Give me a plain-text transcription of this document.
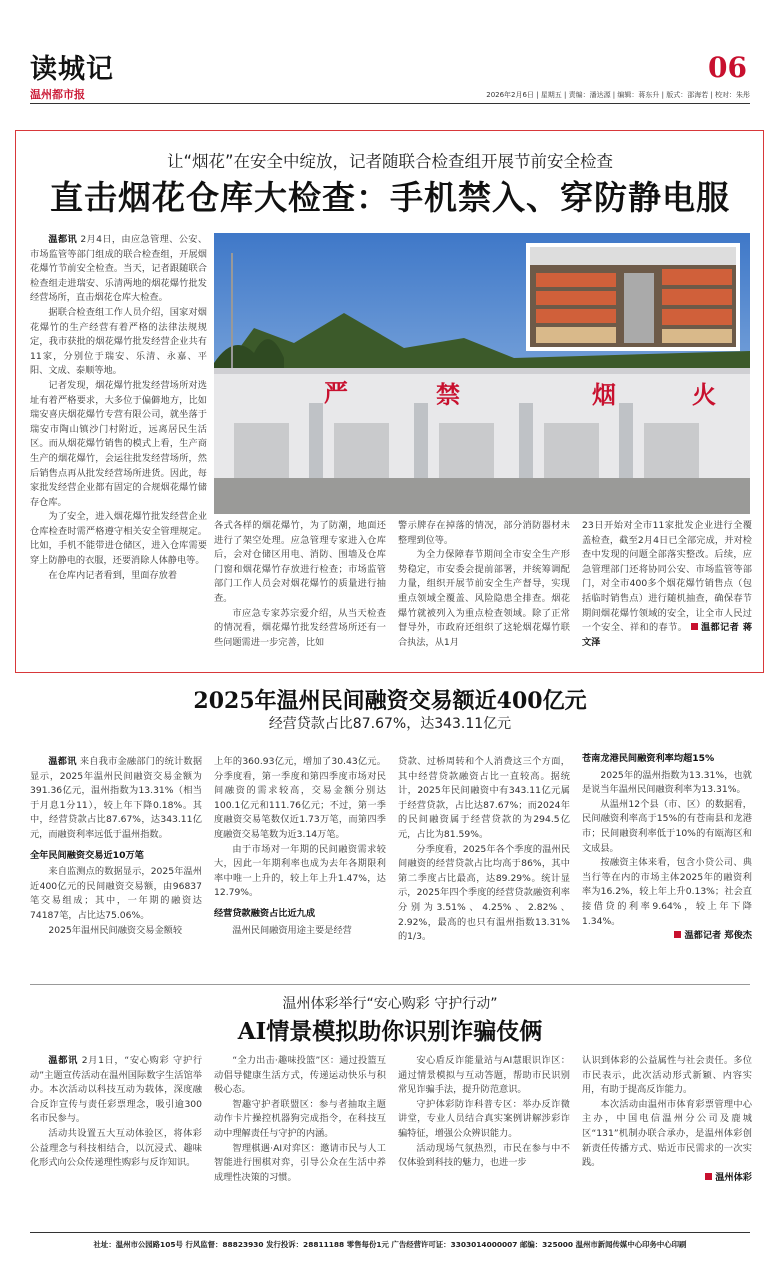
读城记
温州都市报
06
2026年2月6日 | 星期五 | 责编：潘达源 | 编辑：蒋东升 | 版式：邵海若 | 校对：朱彤
让“烟花”在安全中绽放，记者随联合检查组开展节前安全检查
直击烟花仓库大检查：手机禁入、穿防静电服

温都讯 2月4日，由应急管理、公安、市场监管等部门组成的联合检查组，开展烟花爆竹节前安全检查。当天，记者跟随联合检查组走进瑞安、乐清两地的烟花爆竹批发经营场所，直击烟花仓库大检查。

据联合检查组工作人员介绍，国家对烟花爆竹的生产经营有着严格的法律法规规定，我市获批的烟花爆竹批发经营企业共有11家，分别位于瑞安、乐清、永嘉、平阳、文成、泰顺等地。

记者发现，烟花爆竹批发经营场所对选址有着严格要求，大多位于偏僻地方，比如瑞安喜庆烟花爆竹专营有限公司，就坐落于瑞安市陶山镇沙门村附近，远离居民生活区。而从烟花爆竹销售的模式上看，生产商生产的烟花爆竹，会运往批发经营场所，然后销售点再从批发经营场所进货。因此，每家批发经营企业都有固定的合规烟花爆竹储存仓库。

为了安全，进入烟花爆竹批发经营企业仓库检查时需严格遵守相关安全管理规定。比如，手机不能带进仓储区，进入仓库需要穿上防静电的衣服，还要消除人体静电等。

在仓库内记者看到，里面存放着

严	禁	烟	火

各式各样的烟花爆竹，为了防潮，地面还进行了架空处理。应急管理专家进入仓库后，会对仓储区用电、消防、围墙及仓库门窗和烟花爆竹存放进行检查；市场监管部门工作人员会对烟花爆竹的质量进行抽查。

市应急专家苏宗爱介绍，从当天检查的情况看，烟花爆竹批发经营场所还有一些问题需进一步完善，比如

警示牌存在掉落的情况，部分消防器材未整理到位等。

为全力保障春节期间全市安全生产形势稳定，市安委会提前部署，并统筹调配力量，组织开展节前安全生产督导，实现重点领域全覆盖、风险隐患全排查。烟花爆竹就被列入为重点检查领域。除了正常督导外，市政府还组织了这轮烟花爆竹联合执法，从1月

23日开始对全市11家批发企业进行全覆盖检查，截至2月4日已全部完成，并对检查中发现的问题全部落实整改。后续，应急管理部门还将协同公安、市场监管等部门，对全市400多个烟花爆竹销售点（包括临时销售点）进行随机抽查，确保春节期间烟花爆竹领域的安全，让全市人民过一个安全、祥和的春节。 温都记者 蒋文泽

2025年温州民间融资交易额近400亿元
经营贷款占比87.67%，达343.11亿元

温都讯 来自我市金融部门的统计数据显示，2025年温州民间融资交易金额为391.36亿元，温州指数为13.31%（相当于月息1分11），较上年下降0.18%。其中，经营贷款占比87.67%，达343.11亿元，而融资利率远低于温州指数。

全年民间融资交易近10万笔

来自监测点的数据显示，2025年温州近400亿元的民间融资交易额，由96837笔交易组成；其中，一年期的融资达74187笔，占比达75.06%。

2025年温州民间融资交易金额较

上年的360.93亿元，增加了30.43亿元。分季度看，第一季度和第四季度市场对民间融资的需求较高，交易金额分别达100.1亿元和111.76亿元；不过，第一季度融资交易笔数仅近1.73万笔，而第四季度融资交易笔数为近3.14万笔。

由于市场对一年期的民间融资需求较大，因此一年期利率也成为去年各期限利率中唯一上升的，较上年上升1.47%，达12.79%。

经营贷款融资占比近九成

温州民间融资用途主要是经营

贷款、过桥周转和个人消费这三个方面，其中经营贷款融资占比一直较高。据统计，2025年民间融资中有343.11亿元属于经营贷款，占比达87.67%；而2024年的民间融资属于经营贷款的为294.5亿元，占比为81.59%。

分季度看，2025年各个季度的温州民间融资的经营贷款占比均高于86%，其中第二季度占比最高，达89.29%。统计显示，2025年四个季度的经营贷款融资利率分别为3.51%、4.25%、2.82%、2.92%，最高的也只有温州指数13.31%的1/3。

苍南龙港民间融资利率均超15%

2025年的温州指数为13.31%，也就是说当年温州民间融资利率为13.31%。

从温州12个县（市、区）的数据看，民间融资利率高于15%的有苍南县和龙港市；民间融资利率低于10%的有瓯海区和文成县。

按融资主体来看，包含小贷公司、典当行等在内的市场主体2025年的融资利率为16.2%，较上年上升0.13%；社会直接借贷的利率9.64%，较上年下降1.34%。

温都记者 郑俊杰

温州体彩举行“安心购彩 守护行动”
AI情景模拟助你识别诈骗伎俩

温都讯 2月1日，“安心购彩 守护行动”主题宣传活动在温州国际数字生活馆举办。本次活动以科技互动为载体，深度融合反诈宣传与责任彩票理念，吸引逾300名市民参与。

活动共设置五大互动体验区，将体彩公益理念与科技相结合，以沉浸式、趣味化形式向公众传递理性购彩与反诈知识。

“全力出击·趣味投篮”区：通过投篮互动倡导健康生活方式，传递运动快乐与积极心态。

智趣守护者联盟区：参与者抽取主题动作卡片操控机器狗完成指令，在科技互动中理解责任与守护的内涵。

智理棋遇·AI对弈区：邀请市民与人工智能进行围棋对弈，引导公众在生活中养成理性决策的习惯。

安心盾反诈能量站与AI慧眼识诈区：通过情景模拟与互动答题，帮助市民识别常见诈骗手法，提升防范意识。

守护体彩防诈科普专区：举办反诈微讲堂，专业人员结合真实案例讲解涉彩诈骗特征，增强公众辨识能力。

活动现场气氛热烈，市民在参与中不仅体验到科技的魅力，也进一步

认识到体彩的公益属性与社会责任。多位市民表示，此次活动形式新颖、内容实用，有助于提高反诈能力。

本次活动由温州市体育彩票管理中心主办，中国电信温州分公司及鹿城区“131”机制办联合承办，是温州体彩创新责任传播方式、贴近市民需求的一次实践。

温州体彩

社址：温州市公园路105号 行风监督：88823930 发行投诉：28811188 零售每份1元 广告经营许可证：3303014000007 邮编：325000 温州市新闻传媒中心印务中心印刷
